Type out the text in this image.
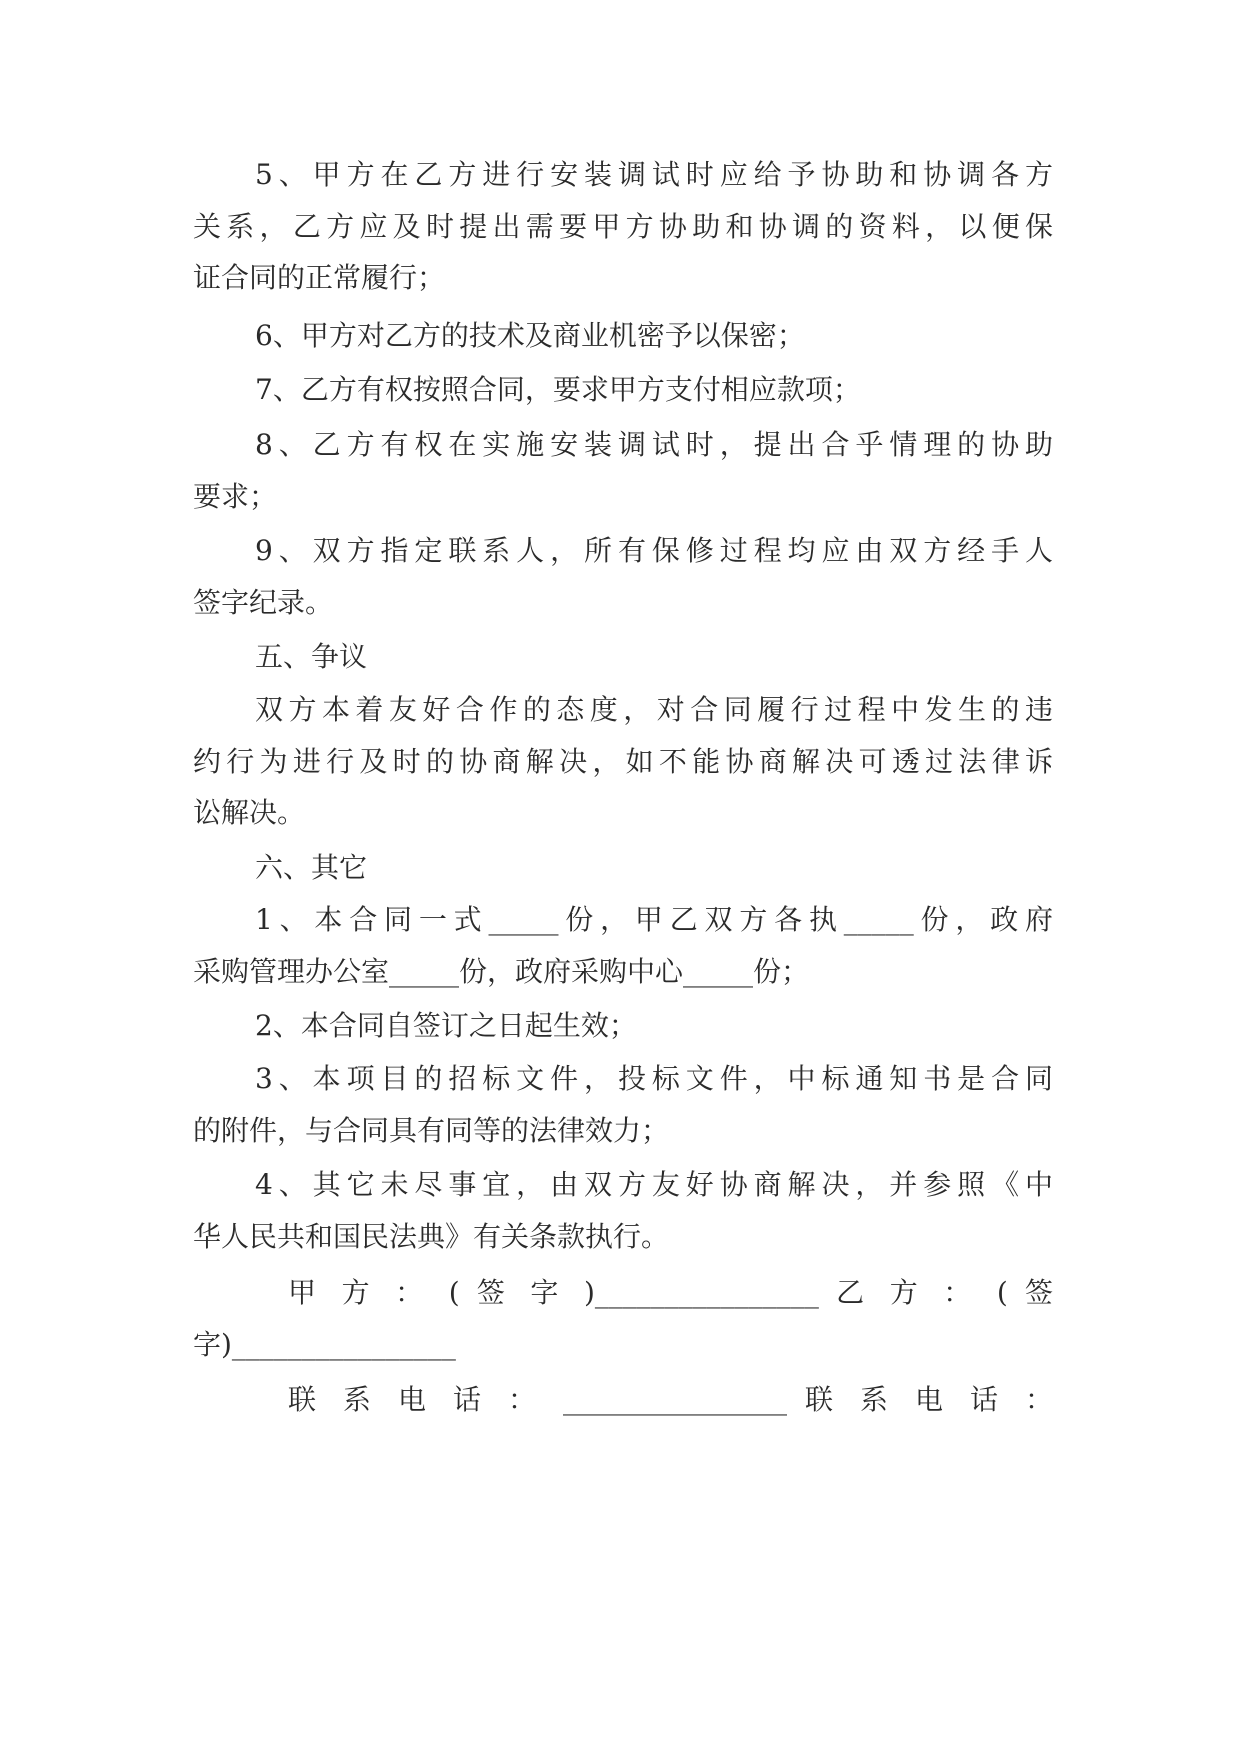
5、甲方在乙方进行安装调试时应给予协助和协调各方
关系，乙方应及时提出需要甲方协助和协调的资料，以便保
证合同的正常履行；
6、甲方对乙方的技术及商业机密予以保密；
7、乙方有权按照合同，要求甲方支付相应款项；
8、乙方有权在实施安装调试时，提出合乎情理的协助
要求；
9、双方指定联系人，所有保修过程均应由双方经手人
签字纪录。
五、争议
双方本着友好合作的态度，对合同履行过程中发生的违
约行为进行及时的协商解决，如不能协商解决可透过法律诉
讼解决。
六、其它
1、本合同一式_____份，甲乙双方各执_____份，政府
采购管理办公室_____份，政府采购中心_____份；
2、本合同自签订之日起生效；
3、本项目的招标文件，投标文件，中标通知书是合同
的附件，与合同具有同等的法律效力；
4、其它未尽事宜，由双方友好协商解决，并参照《中
华人民共和国民法典》有关条款执行。
甲 方 ： ( 签 字 )________________ 乙 方 ： ( 签
字)________________
联 系 电 话 ： ________________ 联 系 电 话 ：
